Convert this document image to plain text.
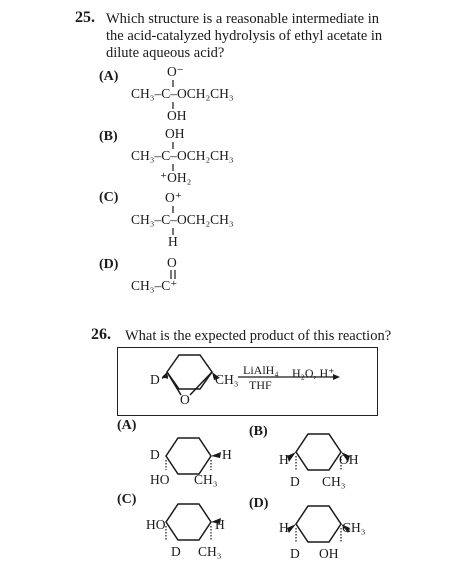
25. Which structure is a reasonable intermediate in
the acid-catalyzed hydrolysis of ethyl acetate in
dilute aqueous acid?
(A)	O⁻
CH₃–C–OCH₂CH₃
OH
(B)	OH
CH₃–C–OCH₂CH₃
⁺OH₂
(C)	O⁺
CH₃–C–OCH₂CH₃
H
(D)	O
CH₃–C⁺
26. What is the expected product of this reaction?
D	CH₃
O
LiAlH₄
THF
H₂O, H⁺
(A)
D	H
HO CH₃
(B)
H	OH
D CH₃
(C)
HO	H
D CH₃
(D)
H	CH₃
D OH
